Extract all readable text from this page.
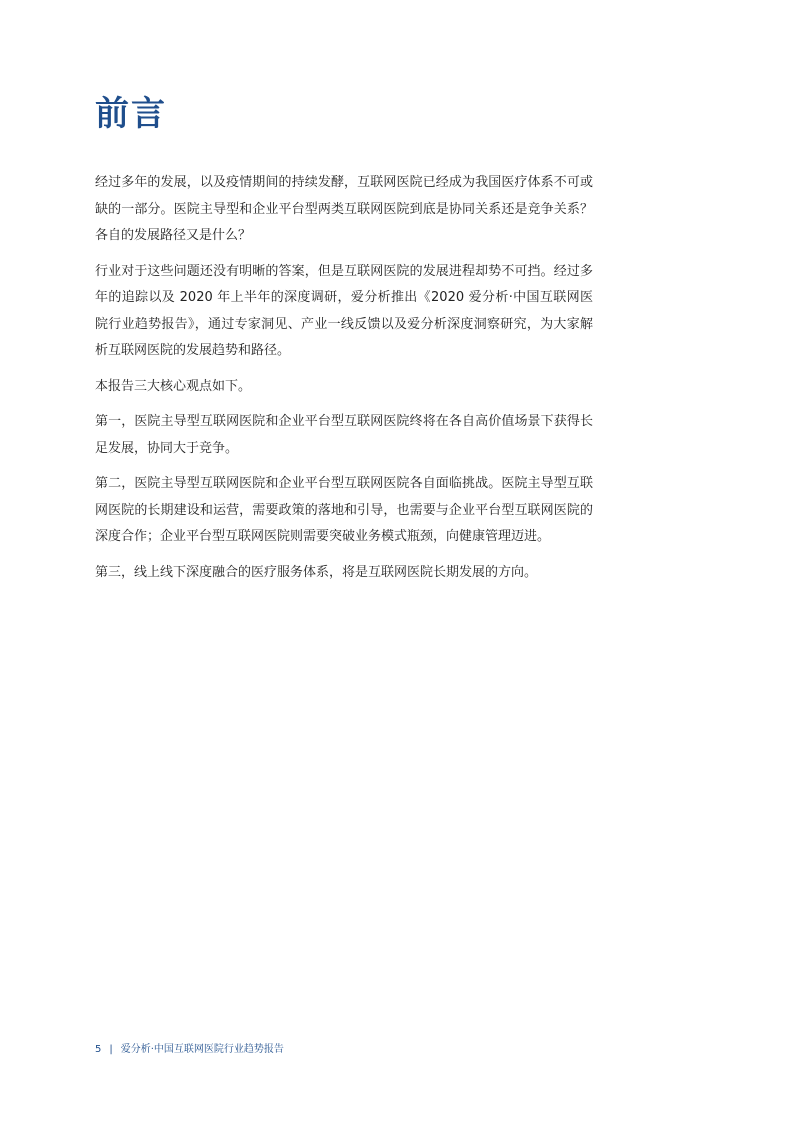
前言

经过多年的发展，以及疫情期间的持续发酵，互联网医院已经成为我国医疗体系不可或缺的一部分。医院主导型和企业平台型两类互联网医院到底是协同关系还是竞争关系？各自的发展路径又是什么？

行业对于这些问题还没有明晰的答案，但是互联网医院的发展进程却势不可挡。经过多年的追踪以及 2020 年上半年的深度调研，爱分析推出《2020 爱分析·中国互联网医院行业趋势报告》，通过专家洞见、产业一线反馈以及爱分析深度洞察研究，为大家解析互联网医院的发展趋势和路径。

本报告三大核心观点如下。

第一，医院主导型互联网医院和企业平台型互联网医院终将在各自高价值场景下获得长足发展，协同大于竞争。

第二，医院主导型互联网医院和企业平台型互联网医院各自面临挑战。医院主导型互联网医院的长期建设和运营，需要政策的落地和引导，也需要与企业平台型互联网医院的深度合作；企业平台型互联网医院则需要突破业务模式瓶颈，向健康管理迈进。

第三，线上线下深度融合的医疗服务体系，将是互联网医院长期发展的方向。

5 | 爱分析·中国互联网医院行业趋势报告
